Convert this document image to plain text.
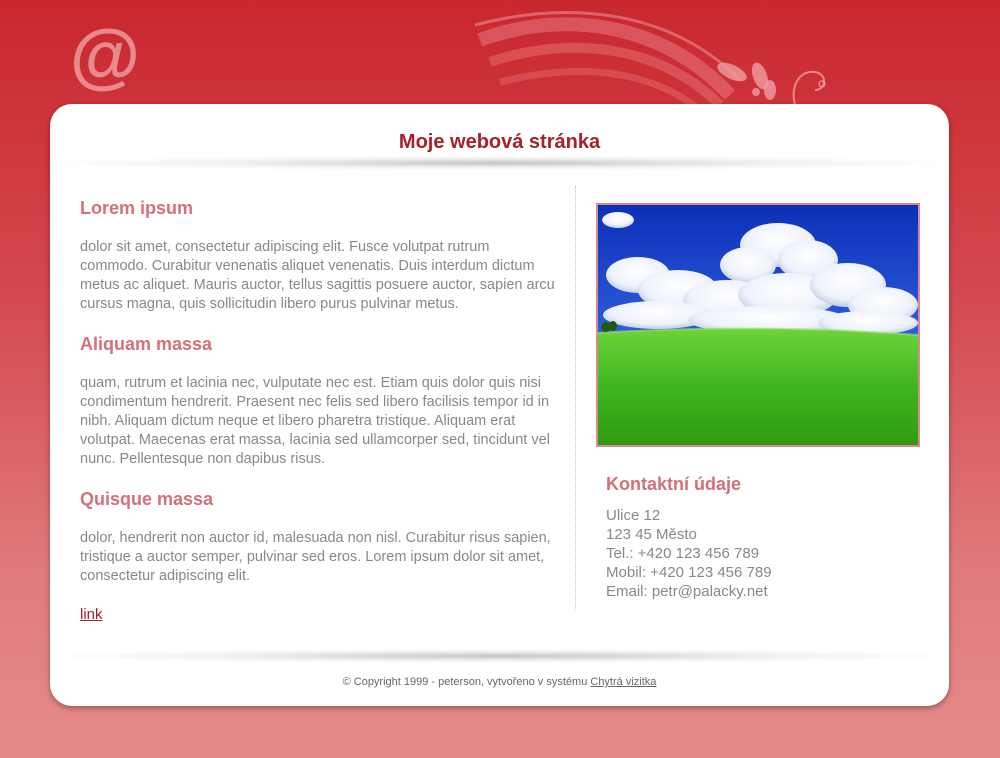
@
Moje webová stránka
Lorem ipsum

dolor sit amet, consectetur adipiscing elit. Fusce volutpat rutrum commodo. Curabitur venenatis aliquet venenatis. Duis interdum dictum metus ac aliquet. Mauris auctor, tellus sagittis posuere auctor, sapien arcu cursus magna, quis sollicitudin libero purus pulvinar metus.

Aliquam massa

quam, rutrum et lacinia nec, vulputate nec est. Etiam quis dolor quis nisi condimentum hendrerit. Praesent nec felis sed libero facilisis tempor id in nibh. Aliquam dictum neque et libero pharetra tristique. Aliquam erat volutpat. Maecenas erat massa, lacinia sed ullamcorper sed, tincidunt vel nunc. Pellentesque non dapibus risus.

Quisque massa

dolor, hendrerit non auctor id, malesuada non nisl. Curabitur risus sapien, tristique a auctor semper, pulvinar sed eros. Lorem ipsum dolor sit amet, consectetur adipiscing elit.

link
Kontaktní údaje
Ulice 12
123 45 Město
Tel.: +420 123 456 789
Mobil: +420 123 456 789
Email: petr@palacky.net
© Copyright 1999 - peterson, vytvořeno v systému Chytrá vizitka
